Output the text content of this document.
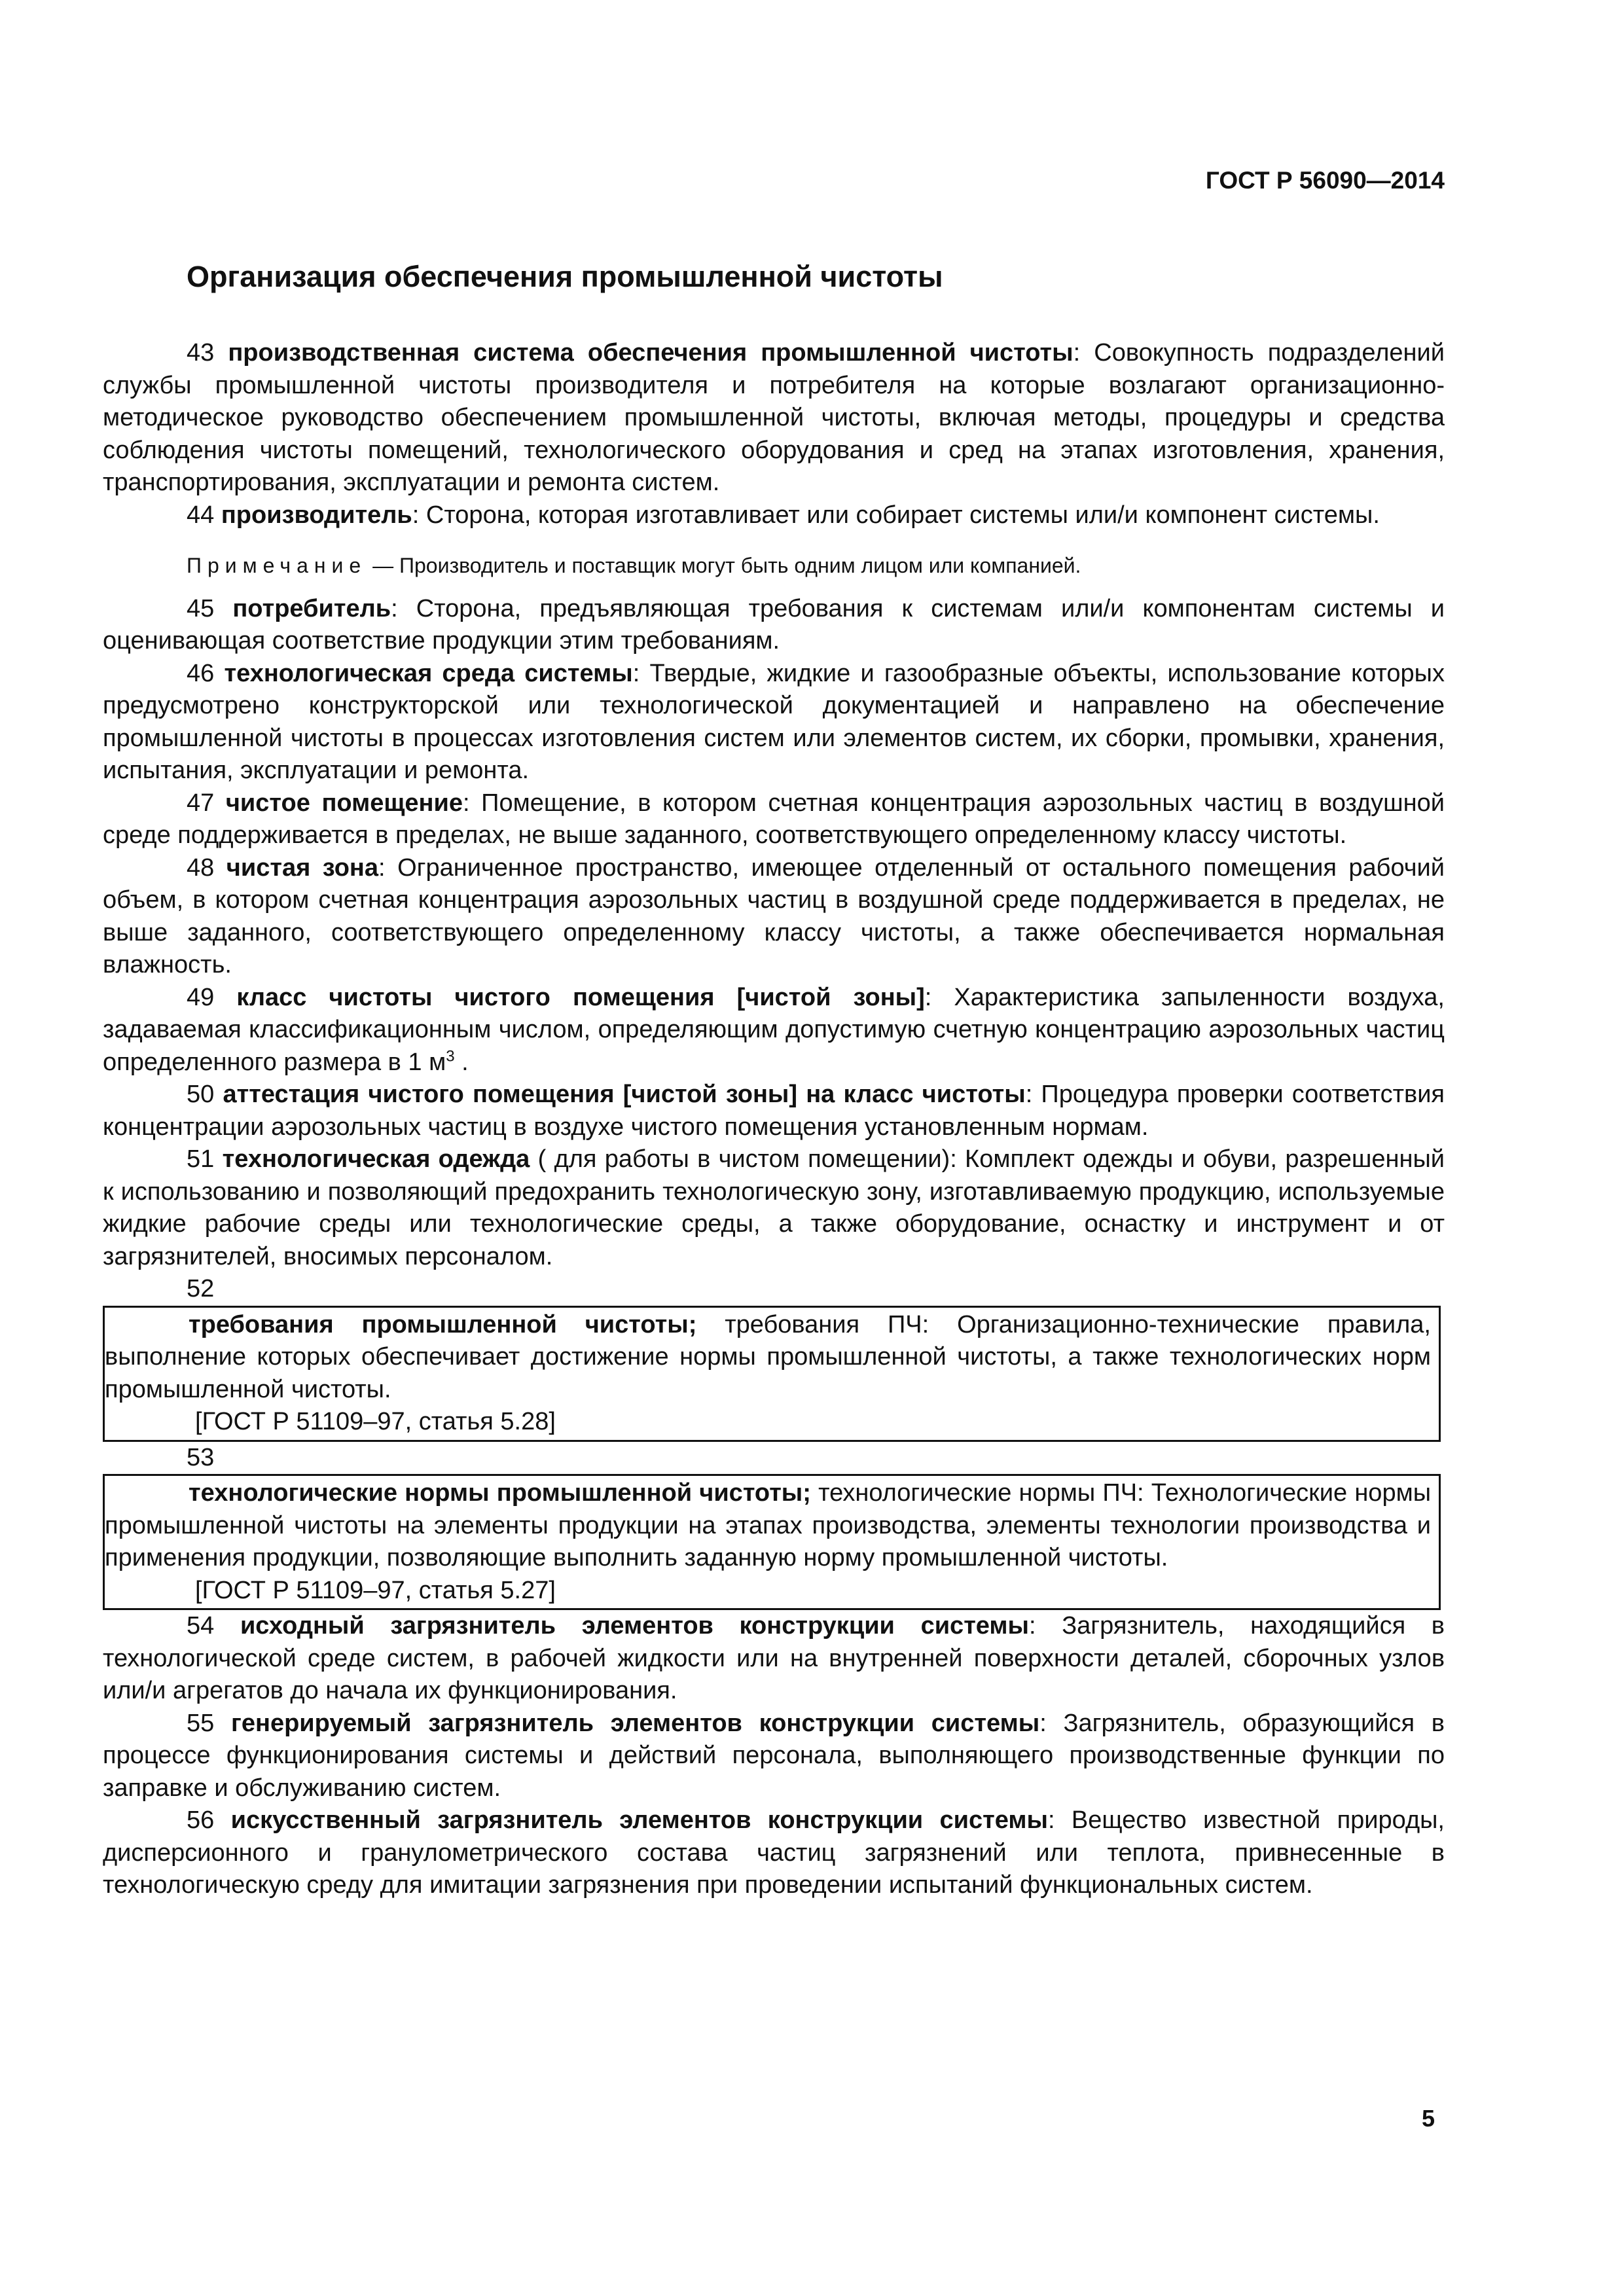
ГОСТ Р 56090—2014
Организация обеспечения промышленной чистоты

43 производственная система обеспечения промышленной чистоты: Совокупность подразделений службы промышленной чистоты производителя и потребителя на которые возлагают организационно-методическое руководство обеспечением промышленной чистоты, включая методы, процедуры и средства соблюдения чистоты помещений, технологического оборудования и сред на этапах изготовления, хранения, транспортирования, эксплуатации и ремонта систем.

44 производитель: Сторона, которая изготавливает или собирает системы или/и компонент системы.

Примечание — Производитель и поставщик могут быть одним лицом или компанией.

45 потребитель: Сторона, предъявляющая требования к системам или/и компонентам системы и оценивающая соответствие продукции этим требованиям.

46 технологическая среда системы: Твердые, жидкие и газообразные объекты, использование которых предусмотрено конструкторской или технологической документацией и направлено на обеспечение промышленной чистоты в процессах изготовления систем или элементов систем, их сборки, промывки, хранения, испытания, эксплуатации и ремонта.

47 чистое помещение: Помещение, в котором счетная концентрация аэрозольных частиц в воздушной среде поддерживается в пределах, не выше заданного, соответствующего определенному классу чистоты.

48 чистая зона: Ограниченное пространство, имеющее отделенный от остального помещения рабочий объем, в котором счетная концентрация аэрозольных частиц в воздушной среде поддерживается в пределах, не выше заданного, соответствующего определенному классу чистоты, а также обеспечивается нормальная влажность.

49 класс чистоты чистого помещения [чистой зоны]: Характеристика запыленности воздуха, задаваемая классификационным числом, определяющим допустимую счетную концентрацию аэрозольных частиц определенного размера в 1 $м^3$ .

50 аттестация чистого помещения [чистой зоны] на класс чистоты: Процедура проверки соответствия концентрации аэрозольных частиц в воздухе чистого помещения установленным нормам.

51 технологическая одежда ( для работы в чистом помещении): Комплект одежды и обуви, разрешенный к использованию и позволяющий предохранить технологическую зону, изготавливаемую продукцию, используемые жидкие рабочие среды или технологические среды, а также оборудование, оснастку и инструмент и от загрязнителей, вносимых персоналом.

52

требования промышленной чистоты; требования ПЧ: Организационно-технические правила, выполнение которых обеспечивает достижение нормы промышленной чистоты, а также технологических норм промышленной чистоты.

[ГОСТ Р 51109–97, статья 5.28]

53

технологические нормы промышленной чистоты; технологические нормы ПЧ: Технологические нормы промышленной чистоты на элементы продукции на этапах производства, элементы технологии производства и применения продукции, позволяющие выполнить заданную норму промышленной чистоты.

[ГОСТ Р 51109–97, статья 5.27]

54 исходный загрязнитель элементов конструкции системы: Загрязнитель, находящийся в технологической среде систем, в рабочей жидкости или на внутренней поверхности деталей, сборочных узлов или/и агрегатов до начала их функционирования.

55 генерируемый загрязнитель элементов конструкции системы: Загрязнитель, образующийся в процессе функционирования системы и действий персонала, выполняющего производственные функции по заправке и обслуживанию систем.

56 искусственный загрязнитель элементов конструкции системы: Вещество известной природы, дисперсионного и гранулометрического состава частиц загрязнений или теплота, привнесенные в технологическую среду для имитации загрязнения при проведении испытаний функциональных систем.

5
